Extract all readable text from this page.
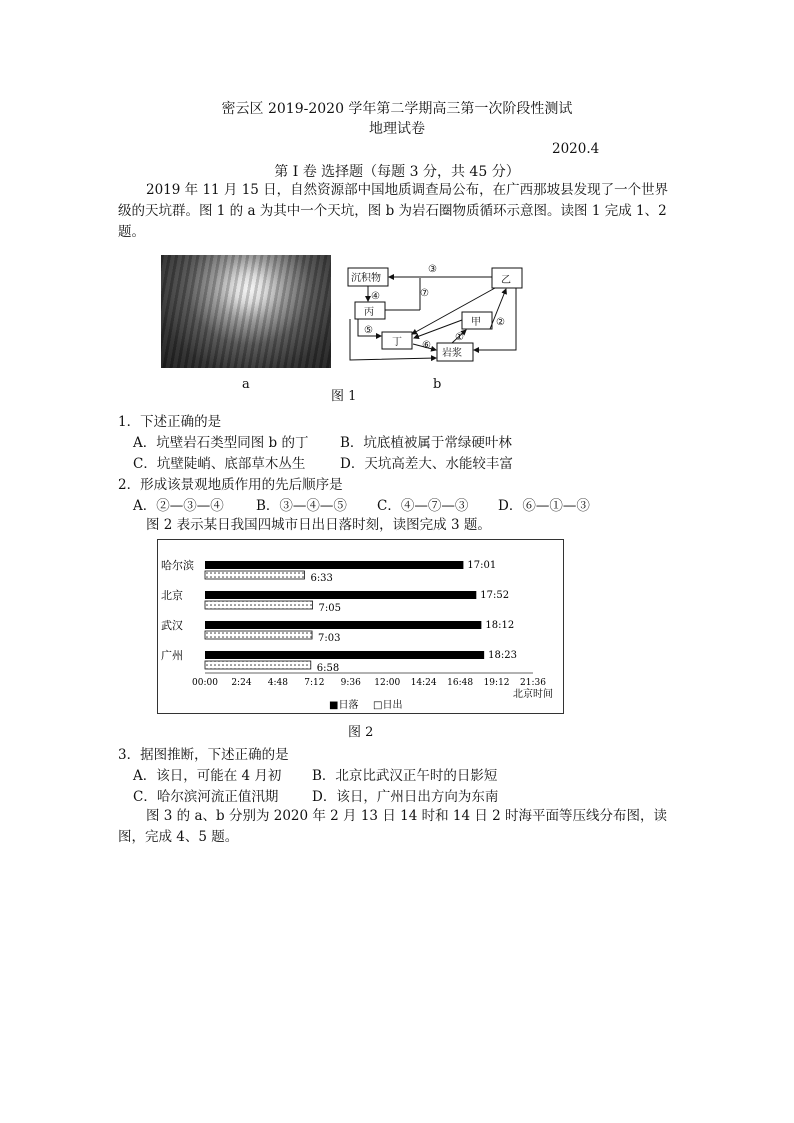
密云区 2019-2020 学年第二学期高三第一次阶段性测试
地理试卷
2020.4
第 I 卷 选择题（每题 3 分，共 45 分）
2019 年 11 月 15 日，自然资源部中国地质调查局公布，在广西那坡县发现了一个世界级的天坑群。图 1 的 a 为其中一个天坑，图 b 为岩石圈物质循环示意图。读图 1 完成 1、2 题。
a
沉积物
丙
丁
甲
乙
岩浆
③
④	⑦
②
①
⑤
⑥
b
图 1
1．下述正确的是
A．坑壁岩石类型同图 b 的丁 B．坑底植被属于常绿硬叶林
C．坑壁陡峭、底部草木丛生	D．天坑高差大、水能较丰富
2．形成该景观地质作用的先后顺序是
A．②—③—④ B．③—④—⑤ C．④—⑦—③ D．⑥—①—③
图 2 表示某日我国四城市日出日落时刻，读图完成 3 题。
哈尔滨	17:01
6:33
北京	17:52
7:05
武汉	18:12
7:03
广州	18:23
6:58
00:00 2:24 4:48 7:12 9:36 12:00 14:24 16:48 19:12 21:36
北京时间
■日落 □日出
图 2
3．据图推断，下述正确的是
A．该日，可能在 4 月初 B．北京比武汉正午时的日影短
C．哈尔滨河流正值汛期 D．该日，广州日出方向为东南
图 3 的 a、b 分别为 2020 年 2 月 13 日 14 时和 14 日 2 时海平面等压线分布图，读图，完成 4、5 题。
